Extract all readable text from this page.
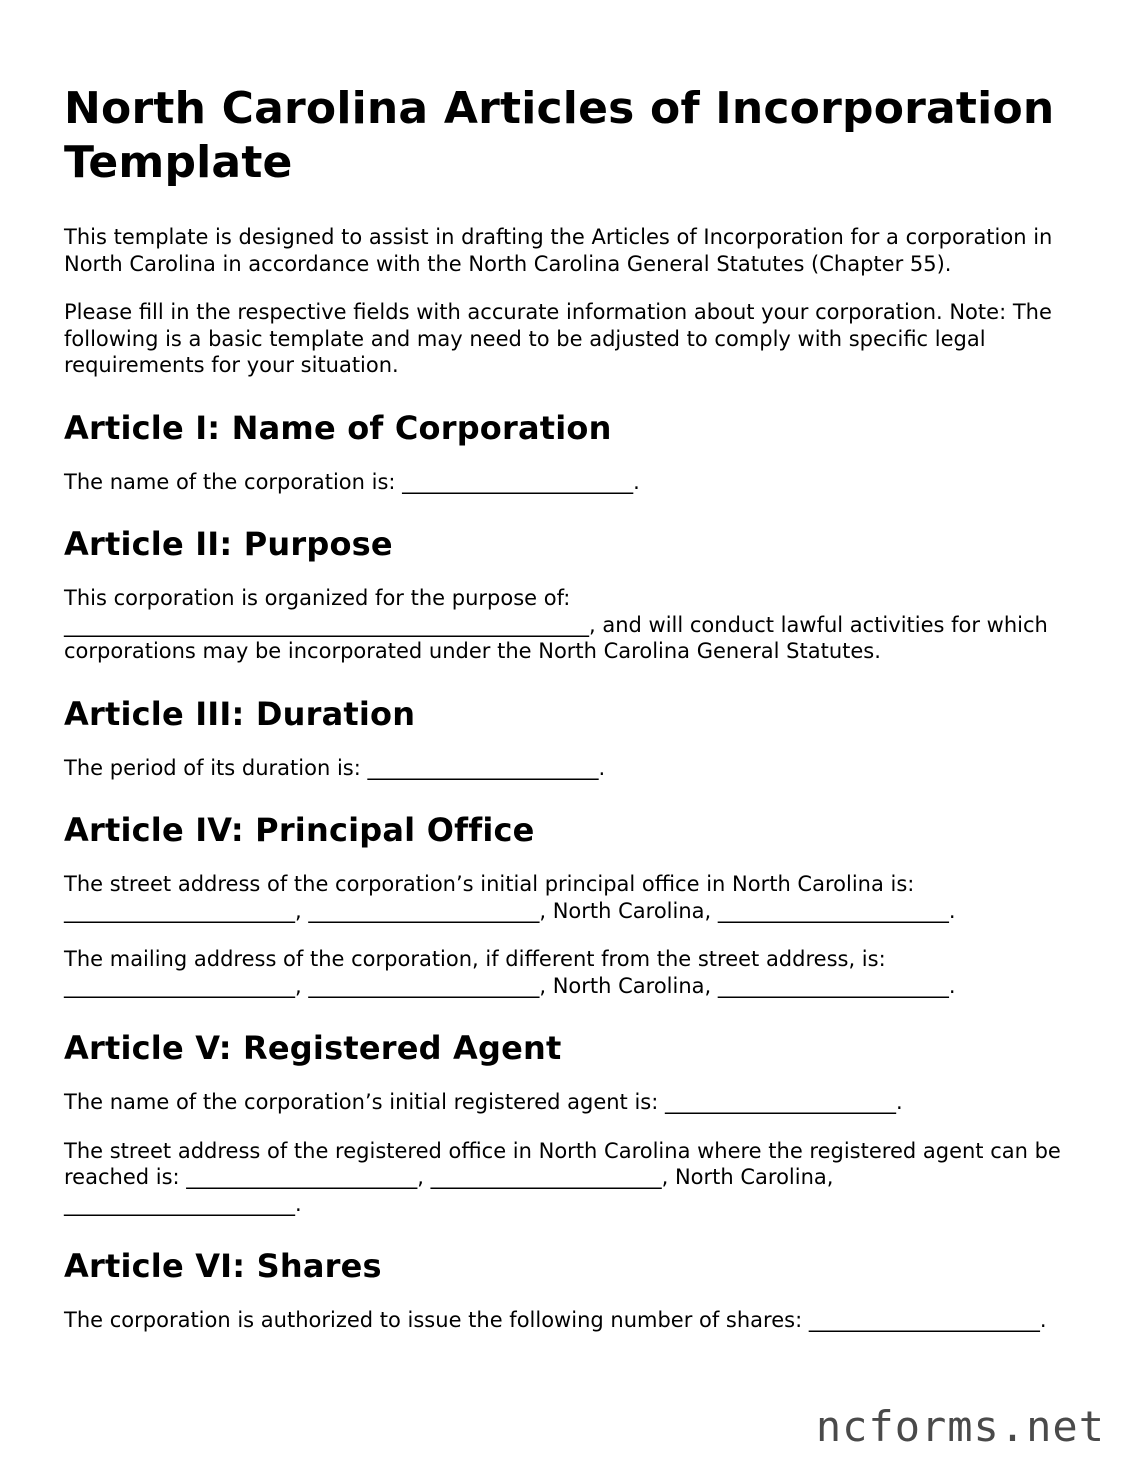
North Carolina Articles of Incorporation Template

This template is designed to assist in drafting the Articles of Incorporation for a corporation in North Carolina in accordance with the North Carolina General Statutes (Chapter 55).

Please fill in the respective fields with accurate information about your corporation. Note: The following is a basic template and may need to be adjusted to comply with specific legal requirements for your situation.

Article I: Name of Corporation

The name of the corporation is: ______________________.

Article II: Purpose

This corporation is organized for the purpose of: __________________________________________________, and will conduct lawful activities for which corporations may be incorporated under the North Carolina General Statutes.

Article III: Duration

The period of its duration is: ______________________.

Article IV: Principal Office

The street address of the corporation’s initial principal office in North Carolina is: ______________________, ______________________, North Carolina, ______________________.

The mailing address of the corporation, if different from the street address, is: ______________________, ______________________, North Carolina, ______________________.

Article V: Registered Agent

The name of the corporation’s initial registered agent is: ______________________.

The street address of the registered office in North Carolina where the registered agent can be reached is: ______________________, ______________________, North Carolina, ______________________.

Article VI: Shares

The corporation is authorized to issue the following number of shares: ______________________.

ncforms.net
